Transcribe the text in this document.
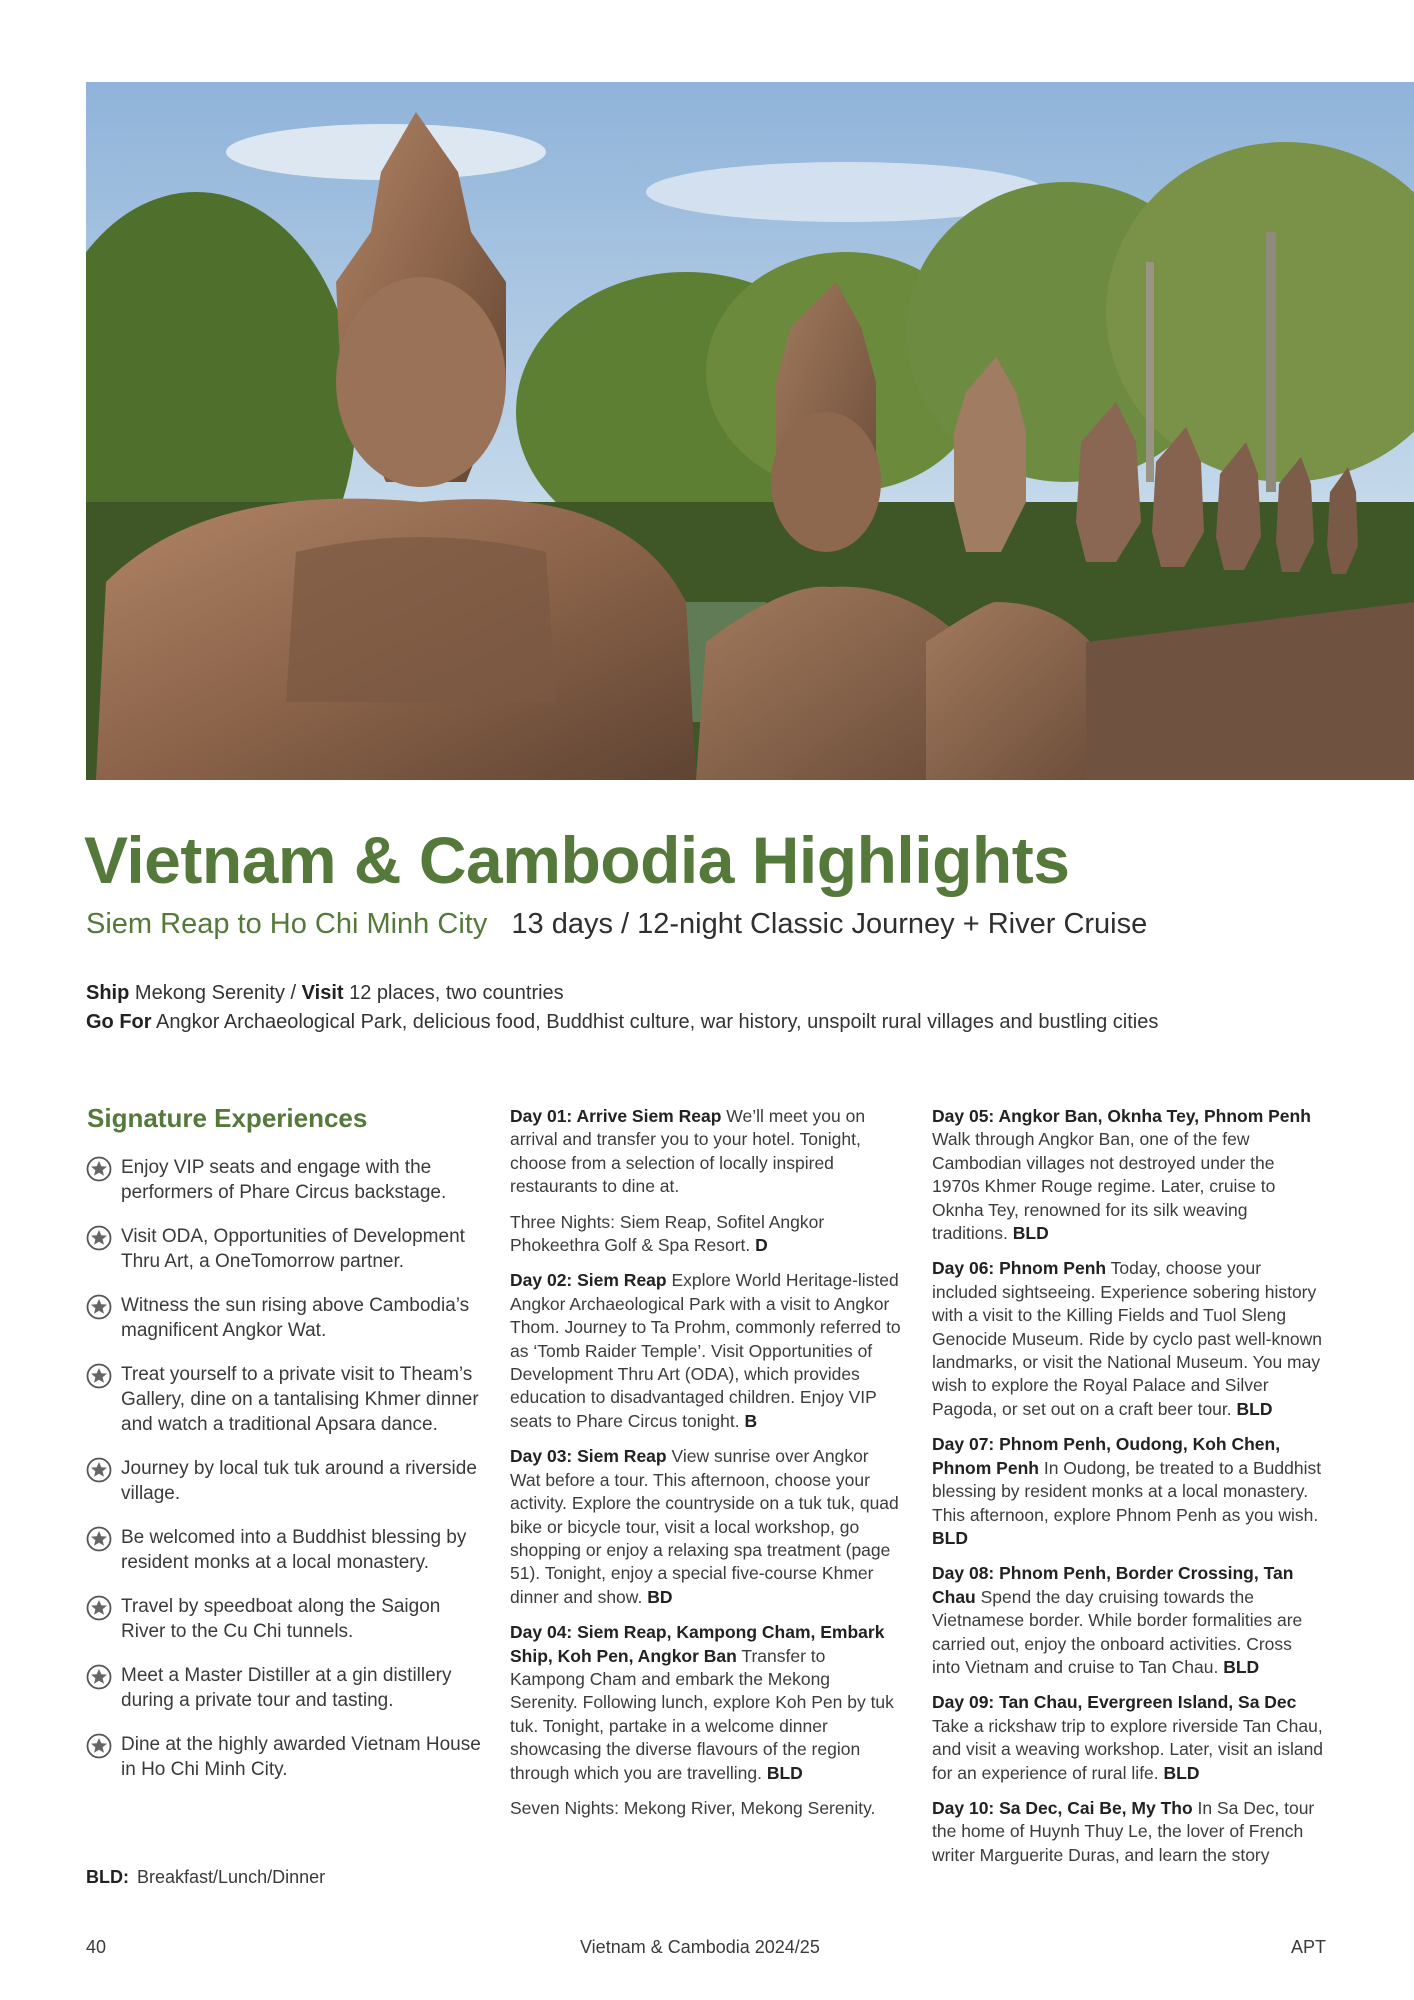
Vietnam & Cambodia Highlights
Siem Reap to Ho Chi Minh City 13 days / 12-night Classic Journey + River Cruise
Ship Mekong Serenity / Visit 12 places, two countries
Go For Angkor Archaeological Park, delicious food, Buddhist culture, war history, unspoilt rural villages and bustling cities
Signature Experiences
Enjoy VIP seats and engage with the performers of Phare Circus backstage.
Visit ODA, Opportunities of Development Thru Art, a OneTomorrow partner.
Witness the sun rising above Cambodia’s magnificent Angkor Wat.
Treat yourself to a private visit to Theam’s Gallery, dine on a tantalising Khmer dinner and watch a traditional Apsara dance.
Journey by local tuk tuk around a riverside village.
Be welcomed into a Buddhist blessing by resident monks at a local monastery.
Travel by speedboat along the Saigon River to the Cu Chi tunnels.
Meet a Master Distiller at a gin distillery during a private tour and tasting.
Dine at the highly awarded Vietnam House in Ho Chi Minh City.

Day 01: Arrive Siem Reap We’ll meet you on arrival and transfer you to your hotel. Tonight, choose from a selection of locally inspired restaurants to dine at.

Three Nights: Siem Reap, Sofitel Angkor Phokeethra Golf & Spa Resort. D

Day 02: Siem Reap Explore World Heritage-listed Angkor Archaeological Park with a visit to Angkor Thom. Journey to Ta Prohm, commonly referred to as ‘Tomb Raider Temple’. Visit Opportunities of Development Thru Art (ODA), which provides education to disadvantaged children. Enjoy VIP seats to Phare Circus tonight. B

Day 03: Siem Reap View sunrise over Angkor Wat before a tour. This afternoon, choose your activity. Explore the countryside on a tuk tuk, quad bike or bicycle tour, visit a local workshop, go shopping or enjoy a relaxing spa treatment (page 51). Tonight, enjoy a special five-course Khmer dinner and show. BD

Day 04: Siem Reap, Kampong Cham, Embark Ship, Koh Pen, Angkor Ban Transfer to Kampong Cham and embark the Mekong Serenity. Following lunch, explore Koh Pen by tuk tuk. Tonight, partake in a welcome dinner showcasing the diverse flavours of the region through which you are travelling. BLD

Seven Nights: Mekong River, Mekong Serenity.

Day 05: Angkor Ban, Oknha Tey, Phnom Penh Walk through Angkor Ban, one of the few Cambodian villages not destroyed under the 1970s Khmer Rouge regime. Later, cruise to Oknha Tey, renowned for its silk weaving traditions. BLD

Day 06: Phnom Penh Today, choose your included sightseeing. Experience sobering history with a visit to the Killing Fields and Tuol Sleng Genocide Museum. Ride by cyclo past well-known landmarks, or visit the National Museum. You may wish to explore the Royal Palace and Silver Pagoda, or set out on a craft beer tour. BLD

Day 07: Phnom Penh, Oudong, Koh Chen, Phnom Penh In Oudong, be treated to a Buddhist blessing by resident monks at a local monastery. This afternoon, explore Phnom Penh as you wish. BLD

Day 08: Phnom Penh, Border Crossing, Tan Chau Spend the day cruising towards the Vietnamese border. While border formalities are carried out, enjoy the onboard activities. Cross into Vietnam and cruise to Tan Chau. BLD

Day 09: Tan Chau, Evergreen Island, Sa Dec Take a rickshaw trip to explore riverside Tan Chau, and visit a weaving workshop. Later, visit an island for an experience of rural life. BLD

Day 10: Sa Dec, Cai Be, My Tho In Sa Dec, tour the home of Huynh Thuy Le, the lover of French writer Marguerite Duras, and learn the story

BLD: Breakfast/Lunch/Dinner
40	Vietnam & Cambodia 2024/25	APT
